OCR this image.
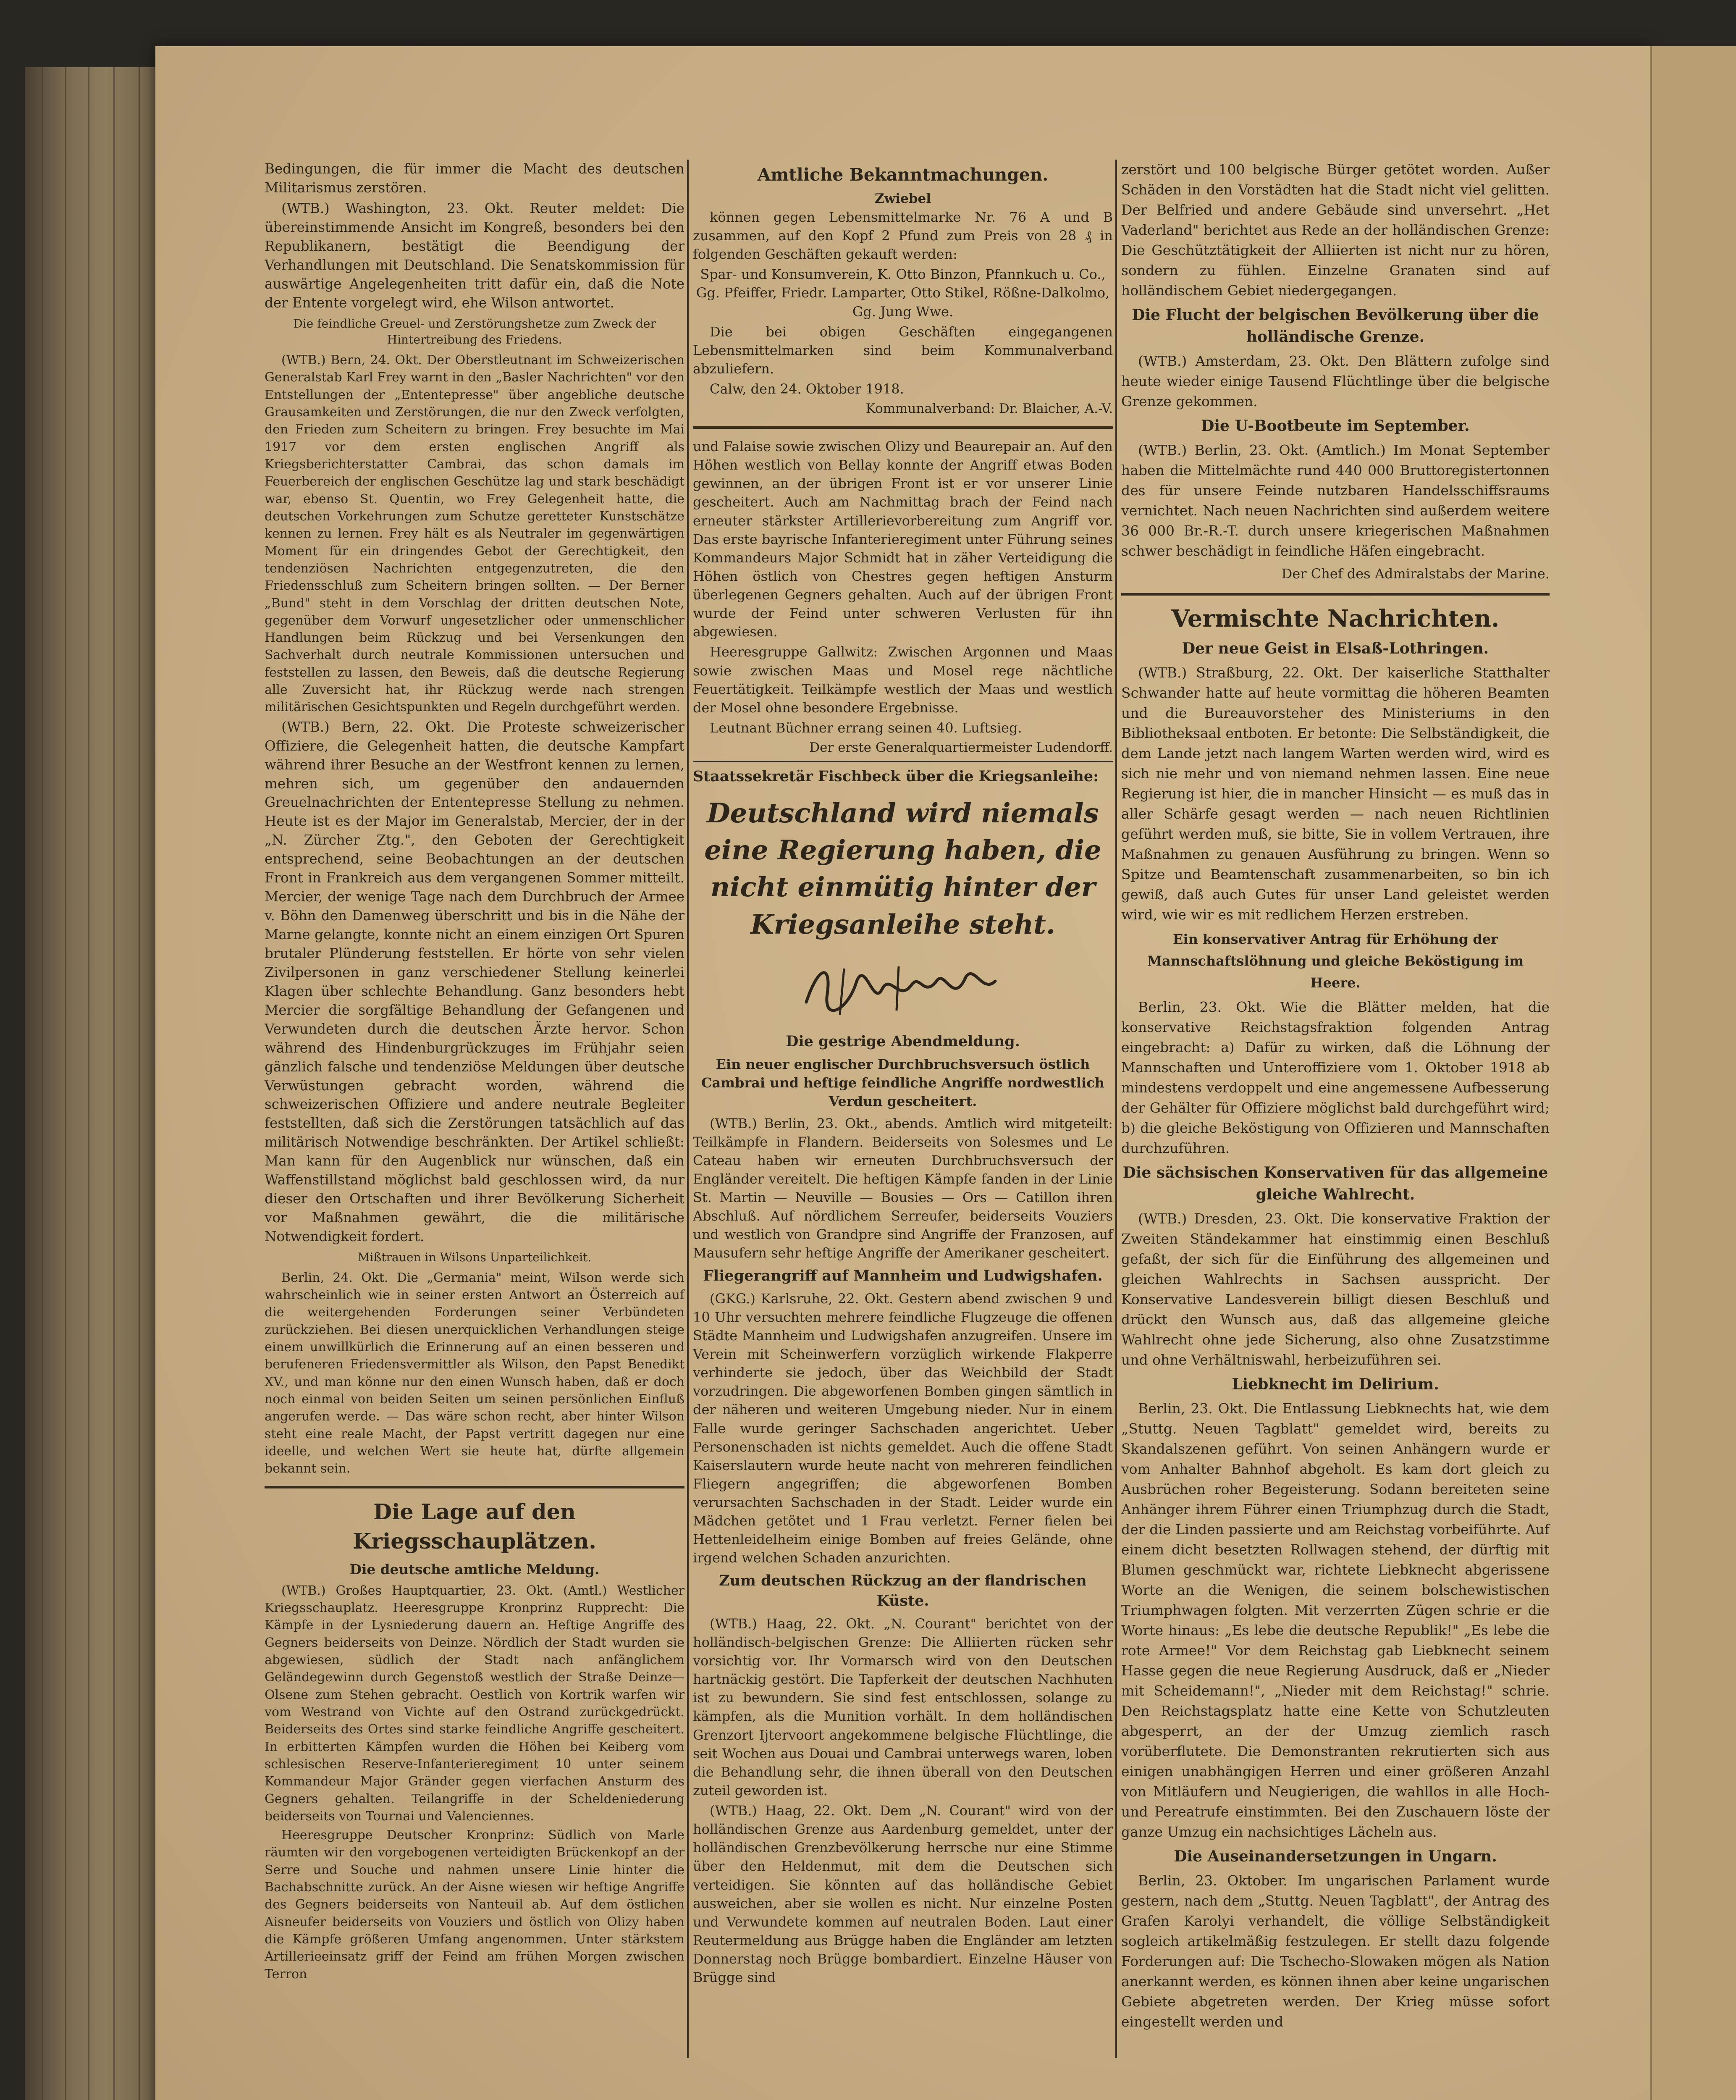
Bedingungen, die für immer die Macht des deutschen Militarismus zerstören.

(WTB.) Washington, 23. Okt. Reuter meldet: Die übereinstimmende Ansicht im Kongreß, besonders bei den Republikanern, bestätigt die Beendigung der Verhandlungen mit Deutschland. Die Senatskommission für auswärtige Angelegenheiten tritt dafür ein, daß die Note der Entente vorgelegt wird, ehe Wilson antwortet.

Die feindliche Greuel- und Zerstörungshetze zum Zweck der Hintertreibung des Friedens.

(WTB.) Bern, 24. Okt. Der Oberstleutnant im Schweizerischen Generalstab Karl Frey warnt in den „Basler Nachrichten" vor den Entstellungen der „Ententepresse" über angebliche deutsche Grausamkeiten und Zerstörungen, die nur den Zweck verfolgten, den Frieden zum Scheitern zu bringen. Frey besuchte im Mai 1917 vor dem ersten englischen Angriff als Kriegsberichterstatter Cambrai, das schon damals im Feuerbereich der englischen Geschütze lag und stark beschädigt war, ebenso St. Quentin, wo Frey Gelegenheit hatte, die deutschen Vorkehrungen zum Schutze geretteter Kunstschätze kennen zu lernen. Frey hält es als Neutraler im gegenwärtigen Moment für ein dringendes Gebot der Gerechtigkeit, den tendenziösen Nachrichten entgegenzutreten, die den Friedensschluß zum Scheitern bringen sollten. — Der Berner „Bund" steht in dem Vorschlag der dritten deutschen Note, gegenüber dem Vorwurf ungesetzlicher oder unmenschlicher Handlungen beim Rückzug und bei Versenkungen den Sachverhalt durch neutrale Kommissionen untersuchen und feststellen zu lassen, den Beweis, daß die deutsche Regierung alle Zuversicht hat, ihr Rückzug werde nach strengen militärischen Gesichtspunkten und Regeln durchgeführt werden.

(WTB.) Bern, 22. Okt. Die Proteste schweizerischer Offiziere, die Gelegenheit hatten, die deutsche Kampfart während ihrer Besuche an der Westfront kennen zu lernen, mehren sich, um gegenüber den andauernden Greuelnachrichten der Ententepresse Stellung zu nehmen. Heute ist es der Major im Generalstab, Mercier, der in der „N. Zürcher Ztg.", den Geboten der Gerechtigkeit entsprechend, seine Beobachtungen an der deutschen Front in Frankreich aus dem vergangenen Sommer mitteilt. Mercier, der wenige Tage nach dem Durchbruch der Armee v. Böhn den Damenweg überschritt und bis in die Nähe der Marne gelangte, konnte nicht an einem einzigen Ort Spuren brutaler Plünderung feststellen. Er hörte von sehr vielen Zivilpersonen in ganz verschiedener Stellung keinerlei Klagen über schlechte Behandlung. Ganz besonders hebt Mercier die sorgfältige Behandlung der Gefangenen und Verwundeten durch die deutschen Ärzte hervor. Schon während des Hindenburgrückzuges im Frühjahr seien gänzlich falsche und tendenziöse Meldungen über deutsche Verwüstungen gebracht worden, während die schweizerischen Offiziere und andere neutrale Begleiter feststellten, daß sich die Zerstörungen tatsächlich auf das militärisch Notwendige beschränkten. Der Artikel schließt: Man kann für den Augenblick nur wünschen, daß ein Waffenstillstand möglichst bald geschlossen wird, da nur dieser den Ortschaften und ihrer Bevölkerung Sicherheit vor Maßnahmen gewährt, die die militärische Notwendigkeit fordert.

Mißtrauen in Wilsons Unparteilichkeit.

Berlin, 24. Okt. Die „Germania" meint, Wilson werde sich wahrscheinlich wie in seiner ersten Antwort an Österreich auf die weitergehenden Forderungen seiner Verbündeten zurückziehen. Bei diesen unerquicklichen Verhandlungen steige einem unwillkürlich die Erinnerung auf an einen besseren und berufeneren Friedensvermittler als Wilson, den Papst Benedikt XV., und man könne nur den einen Wunsch haben, daß er doch noch einmal von beiden Seiten um seinen persönlichen Einfluß angerufen werde. — Das wäre schon recht, aber hinter Wilson steht eine reale Macht, der Papst vertritt dagegen nur eine ideelle, und welchen Wert sie heute hat, dürfte allgemein bekannt sein.

Die Lage auf den Kriegsschauplätzen.

Die deutsche amtliche Meldung.

(WTB.) Großes Hauptquartier, 23. Okt. (Amtl.) Westlicher Kriegsschauplatz. Heeresgruppe Kronprinz Rupprecht: Die Kämpfe in der Lysniederung dauern an. Heftige Angriffe des Gegners beiderseits von Deinze. Nördlich der Stadt wurden sie abgewiesen, südlich der Stadt nach anfänglichem Geländegewinn durch Gegenstoß westlich der Straße Deinze—Olsene zum Stehen gebracht. Oestlich von Kortrik warfen wir vom Westrand von Vichte auf den Ostrand zurückgedrückt. Beiderseits des Ortes sind starke feindliche Angriffe gescheitert. In erbitterten Kämpfen wurden die Höhen bei Keiberg vom schlesischen Reserve-Infanterieregiment 10 unter seinem Kommandeur Major Gränder gegen vierfachen Ansturm des Gegners gehalten. Teilangriffe in der Scheldeniederung beiderseits von Tournai und Valenciennes.

Heeresgruppe Deutscher Kronprinz: Südlich von Marle räumten wir den vorgebogenen verteidigten Brückenkopf an der Serre und Souche und nahmen unsere Linie hinter die Bachabschnitte zurück. An der Aisne wiesen wir heftige Angriffe des Gegners beiderseits von Nanteuil ab. Auf dem östlichen Aisneufer beiderseits von Vouziers und östlich von Olizy haben die Kämpfe größeren Umfang angenommen. Unter stärkstem Artillerieeinsatz griff der Feind am frühen Morgen zwischen Terron

Amtliche Bekanntmachungen.

Zwiebel

können gegen Lebensmittelmarke Nr. 76 A und B zusammen, auf den Kopf 2 Pfund zum Preis von 28 ₰ in folgenden Geschäften gekauft werden:

Spar- und Konsumverein, K. Otto Binzon, Pfannkuch u. Co., Gg. Pfeiffer, Friedr. Lamparter, Otto Stikel, Rößne-Dalkolmo, Gg. Jung Wwe.

Die bei obigen Geschäften eingegangenen Lebensmittelmarken sind beim Kommunalverband abzuliefern.

Calw, den 24. Oktober 1918.

Kommunalverband: Dr. Blaicher, A.-V.

und Falaise sowie zwischen Olizy und Beaurepair an. Auf den Höhen westlich von Bellay konnte der Angriff etwas Boden gewinnen, an der übrigen Front ist er vor unserer Linie gescheitert. Auch am Nachmittag brach der Feind nach erneuter stärkster Artillerievorbereitung zum Angriff vor. Das erste bayrische Infanterieregiment unter Führung seines Kommandeurs Major Schmidt hat in zäher Verteidigung die Höhen östlich von Chestres gegen heftigen Ansturm überlegenen Gegners gehalten. Auch auf der übrigen Front wurde der Feind unter schweren Verlusten für ihn abgewiesen.

Heeresgruppe Gallwitz: Zwischen Argonnen und Maas sowie zwischen Maas und Mosel rege nächtliche Feuertätigkeit. Teilkämpfe westlich der Maas und westlich der Mosel ohne besondere Ergebnisse.

Leutnant Büchner errang seinen 40. Luftsieg.

Der erste Generalquartiermeister Ludendorff.

Staatssekretär Fischbeck über die Kriegsanleihe:

Deutschland wird niemals eine Regierung haben, die nicht einmütig hinter der Kriegsanleihe steht.

Die gestrige Abendmeldung.

Ein neuer englischer Durchbruchsversuch östlich Cambrai und heftige feindliche Angriffe nordwestlich Verdun gescheitert.

(WTB.) Berlin, 23. Okt., abends. Amtlich wird mitgeteilt: Teilkämpfe in Flandern. Beiderseits von Solesmes und Le Cateau haben wir erneuten Durchbruchsversuch der Engländer vereitelt. Die heftigen Kämpfe fanden in der Linie St. Martin — Neuville — Bousies — Ors — Catillon ihren Abschluß. Auf nördlichem Serreufer, beiderseits Vouziers und westlich von Grandpre sind Angriffe der Franzosen, auf Mausufern sehr heftige Angriffe der Amerikaner gescheitert.

Fliegerangriff auf Mannheim und Ludwigshafen.

(GKG.) Karlsruhe, 22. Okt. Gestern abend zwischen 9 und 10 Uhr versuchten mehrere feindliche Flugzeuge die offenen Städte Mannheim und Ludwigshafen anzugreifen. Unsere im Verein mit Scheinwerfern vorzüglich wirkende Flakperre verhinderte sie jedoch, über das Weichbild der Stadt vorzudringen. Die abgeworfenen Bomben gingen sämtlich in der näheren und weiteren Umgebung nieder. Nur in einem Falle wurde geringer Sachschaden angerichtet. Ueber Personenschaden ist nichts gemeldet. Auch die offene Stadt Kaiserslautern wurde heute nacht von mehreren feindlichen Fliegern angegriffen; die abgeworfenen Bomben verursachten Sachschaden in der Stadt. Leider wurde ein Mädchen getötet und 1 Frau verletzt. Ferner fielen bei Hettenleidelheim einige Bomben auf freies Gelände, ohne irgend welchen Schaden anzurichten.

Zum deutschen Rückzug an der flandrischen Küste.

(WTB.) Haag, 22. Okt. „N. Courant" berichtet von der holländisch-belgischen Grenze: Die Alliierten rücken sehr vorsichtig vor. Ihr Vormarsch wird von den Deutschen hartnäckig gestört. Die Tapferkeit der deutschen Nachhuten ist zu bewundern. Sie sind fest entschlossen, solange zu kämpfen, als die Munition vorhält. In dem holländischen Grenzort Ijtervoort angekommene belgische Flüchtlinge, die seit Wochen aus Douai und Cambrai unterwegs waren, loben die Behandlung sehr, die ihnen überall von den Deutschen zuteil geworden ist.

(WTB.) Haag, 22. Okt. Dem „N. Courant" wird von der holländischen Grenze aus Aardenburg gemeldet, unter der holländischen Grenzbevölkerung herrsche nur eine Stimme über den Heldenmut, mit dem die Deutschen sich verteidigen. Sie könnten auf das holländische Gebiet ausweichen, aber sie wollen es nicht. Nur einzelne Posten und Verwundete kommen auf neutralen Boden. Laut einer Reutermeldung aus Brügge haben die Engländer am letzten Donnerstag noch Brügge bombardiert. Einzelne Häuser von Brügge sind

zerstört und 100 belgische Bürger getötet worden. Außer Schäden in den Vorstädten hat die Stadt nicht viel gelitten. Der Belfried und andere Gebäude sind unversehrt. „Het Vaderland" berichtet aus Rede an der holländischen Grenze: Die Geschütztätigkeit der Alliierten ist nicht nur zu hören, sondern zu fühlen. Einzelne Granaten sind auf holländischem Gebiet niedergegangen.

Die Flucht der belgischen Bevölkerung über die holländische Grenze.

(WTB.) Amsterdam, 23. Okt. Den Blättern zufolge sind heute wieder einige Tausend Flüchtlinge über die belgische Grenze gekommen.

Die U-Bootbeute im September.

(WTB.) Berlin, 23. Okt. (Amtlich.) Im Monat September haben die Mittelmächte rund 440 000 Bruttoregistertonnen des für unsere Feinde nutzbaren Handelsschiffsraums vernichtet. Nach neuen Nachrichten sind außerdem weitere 36 000 Br.-R.-T. durch unsere kriegerischen Maßnahmen schwer beschädigt in feindliche Häfen eingebracht.

Der Chef des Admiralstabs der Marine.

Vermischte Nachrichten.

Der neue Geist in Elsaß-Lothringen.

(WTB.) Straßburg, 22. Okt. Der kaiserliche Statthalter Schwander hatte auf heute vormittag die höheren Beamten und die Bureauvorsteher des Ministeriums in den Bibliotheksaal entboten. Er betonte: Die Selbständigkeit, die dem Lande jetzt nach langem Warten werden wird, wird es sich nie mehr und von niemand nehmen lassen. Eine neue Regierung ist hier, die in mancher Hinsicht — es muß das in aller Schärfe gesagt werden — nach neuen Richtlinien geführt werden muß, sie bitte, Sie in vollem Vertrauen, ihre Maßnahmen zu genauen Ausführung zu bringen. Wenn so Spitze und Beamtenschaft zusammenarbeiten, so bin ich gewiß, daß auch Gutes für unser Land geleistet werden wird, wie wir es mit redlichem Herzen erstreben.

Ein konservativer Antrag für Erhöhung der Mannschaftslöhnung und gleiche Beköstigung im Heere.

Berlin, 23. Okt. Wie die Blätter melden, hat die konservative Reichstagsfraktion folgenden Antrag eingebracht: a) Dafür zu wirken, daß die Löhnung der Mannschaften und Unteroffiziere vom 1. Oktober 1918 ab mindestens verdoppelt und eine angemessene Aufbesserung der Gehälter für Offiziere möglichst bald durchgeführt wird; b) die gleiche Beköstigung von Offizieren und Mannschaften durchzuführen.

Die sächsischen Konservativen für das allgemeine gleiche Wahlrecht.

(WTB.) Dresden, 23. Okt. Die konservative Fraktion der Zweiten Ständekammer hat einstimmig einen Beschluß gefaßt, der sich für die Einführung des allgemeinen und gleichen Wahlrechts in Sachsen ausspricht. Der Konservative Landesverein billigt diesen Beschluß und drückt den Wunsch aus, daß das allgemeine gleiche Wahlrecht ohne jede Sicherung, also ohne Zusatzstimme und ohne Verhältniswahl, herbeizuführen sei.

Liebknecht im Delirium.

Berlin, 23. Okt. Die Entlassung Liebknechts hat, wie dem „Stuttg. Neuen Tagblatt" gemeldet wird, bereits zu Skandalszenen geführt. Von seinen Anhängern wurde er vom Anhalter Bahnhof abgeholt. Es kam dort gleich zu Ausbrüchen roher Begeisterung. Sodann bereiteten seine Anhänger ihrem Führer einen Triumphzug durch die Stadt, der die Linden passierte und am Reichstag vorbeiführte. Auf einem dicht besetzten Rollwagen stehend, der dürftig mit Blumen geschmückt war, richtete Liebknecht abgerissene Worte an die Wenigen, die seinem bolschewistischen Triumphwagen folgten. Mit verzerrten Zügen schrie er die Worte hinaus: „Es lebe die deutsche Republik!" „Es lebe die rote Armee!" Vor dem Reichstag gab Liebknecht seinem Hasse gegen die neue Regierung Ausdruck, daß er „Nieder mit Scheidemann!", „Nieder mit dem Reichstag!" schrie. Den Reichstagsplatz hatte eine Kette von Schutzleuten abgesperrt, an der der Umzug ziemlich rasch vorüberflutete. Die Demonstranten rekrutierten sich aus einigen unabhängigen Herren und einer größeren Anzahl von Mitläufern und Neugierigen, die wahllos in alle Hoch- und Pereatrufe einstimmten. Bei den Zuschauern löste der ganze Umzug ein nachsichtiges Lächeln aus.

Die Auseinandersetzungen in Ungarn.

Berlin, 23. Oktober. Im ungarischen Parlament wurde gestern, nach dem „Stuttg. Neuen Tagblatt", der Antrag des Grafen Karolyi verhandelt, die völlige Selbständigkeit sogleich artikelmäßig festzulegen. Er stellt dazu folgende Forderungen auf: Die Tschecho-Slowaken mögen als Nation anerkannt werden, es können ihnen aber keine ungarischen Gebiete abgetreten werden. Der Krieg müsse sofort eingestellt werden und
